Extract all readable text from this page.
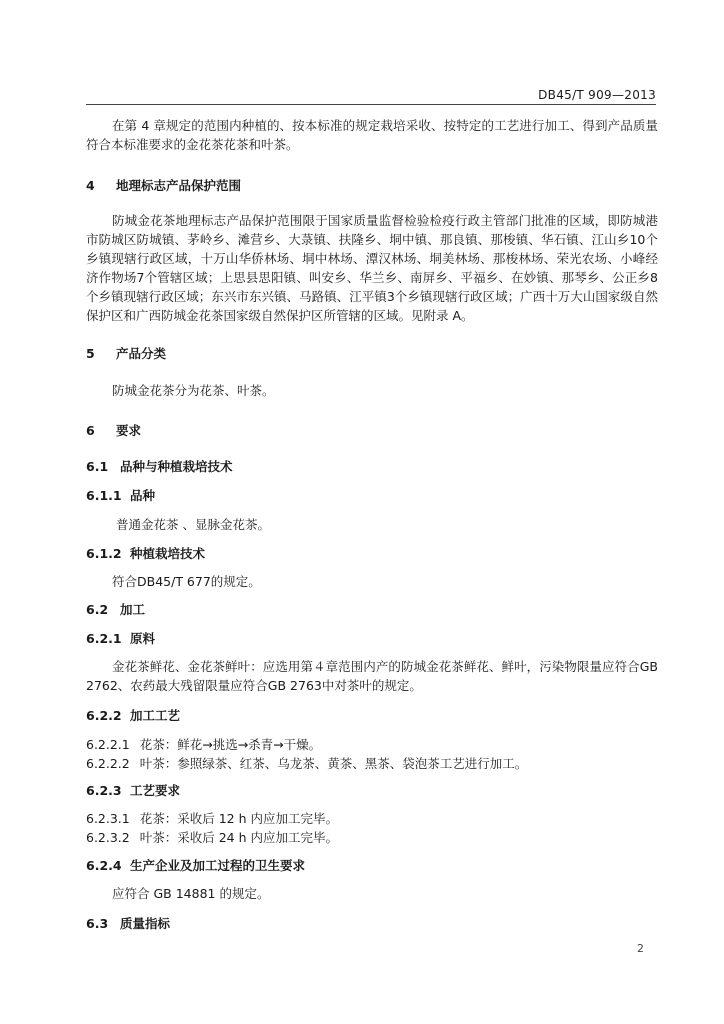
DB45/T 909—2013

在第 4 章规定的范围内种植的、按本标准的规定栽培采收、按特定的工艺进行加工、得到产品质量符合本标准要求的金花茶花茶和叶茶。

4 地理标志产品保护范围

防城金花茶地理标志产品保护范围限于国家质量监督检验检疫行政主管部门批准的区域，即防城港市防城区防城镇、茅岭乡、滩营乡、大菉镇、扶隆乡、垌中镇、那良镇、那梭镇、华石镇、江山乡10个乡镇现辖行政区域，十万山华侨林场、垌中林场、潭汉林场、垌美林场、那梭林场、荣光农场、小峰经济作物场7个管辖区域；上思县思阳镇、叫安乡、华兰乡、南屏乡、平福乡、在妙镇、那琴乡、公正乡8个乡镇现辖行政区域；东兴市东兴镇、马路镇、江平镇3个乡镇现辖行政区域；广西十万大山国家级自然保护区和广西防城金花茶国家级自然保护区所管辖的区域。见附录 A。

5 产品分类

防城金花茶分为花茶、叶茶。

6 要求

6.1 品种与种植栽培技术

6.1.1 品种

普通金花茶 、显脉金花茶。

6.1.2 种植栽培技术

符合DB45/T 677的规定。

6.2 加工

6.2.1 原料

金花茶鲜花、金花茶鲜叶：应选用第４章范围内产的防城金花茶鲜花、鲜叶，污染物限量应符合GB 2762、农药最大残留限量应符合GB 2763中对茶叶的规定。

6.2.2 加工工艺

6.2.2.1 花茶：鲜花→挑选→杀青→干燥。

6.2.2.2 叶茶：参照绿茶、红茶、乌龙茶、黄茶、黑茶、袋泡茶工艺进行加工。

6.2.3 工艺要求

6.2.3.1 花茶：采收后 12 h 内应加工完毕。

6.2.3.2 叶茶：采收后 24 h 内应加工完毕。

6.2.4 生产企业及加工过程的卫生要求

应符合 GB 14881 的规定。

6.3 质量指标

2
